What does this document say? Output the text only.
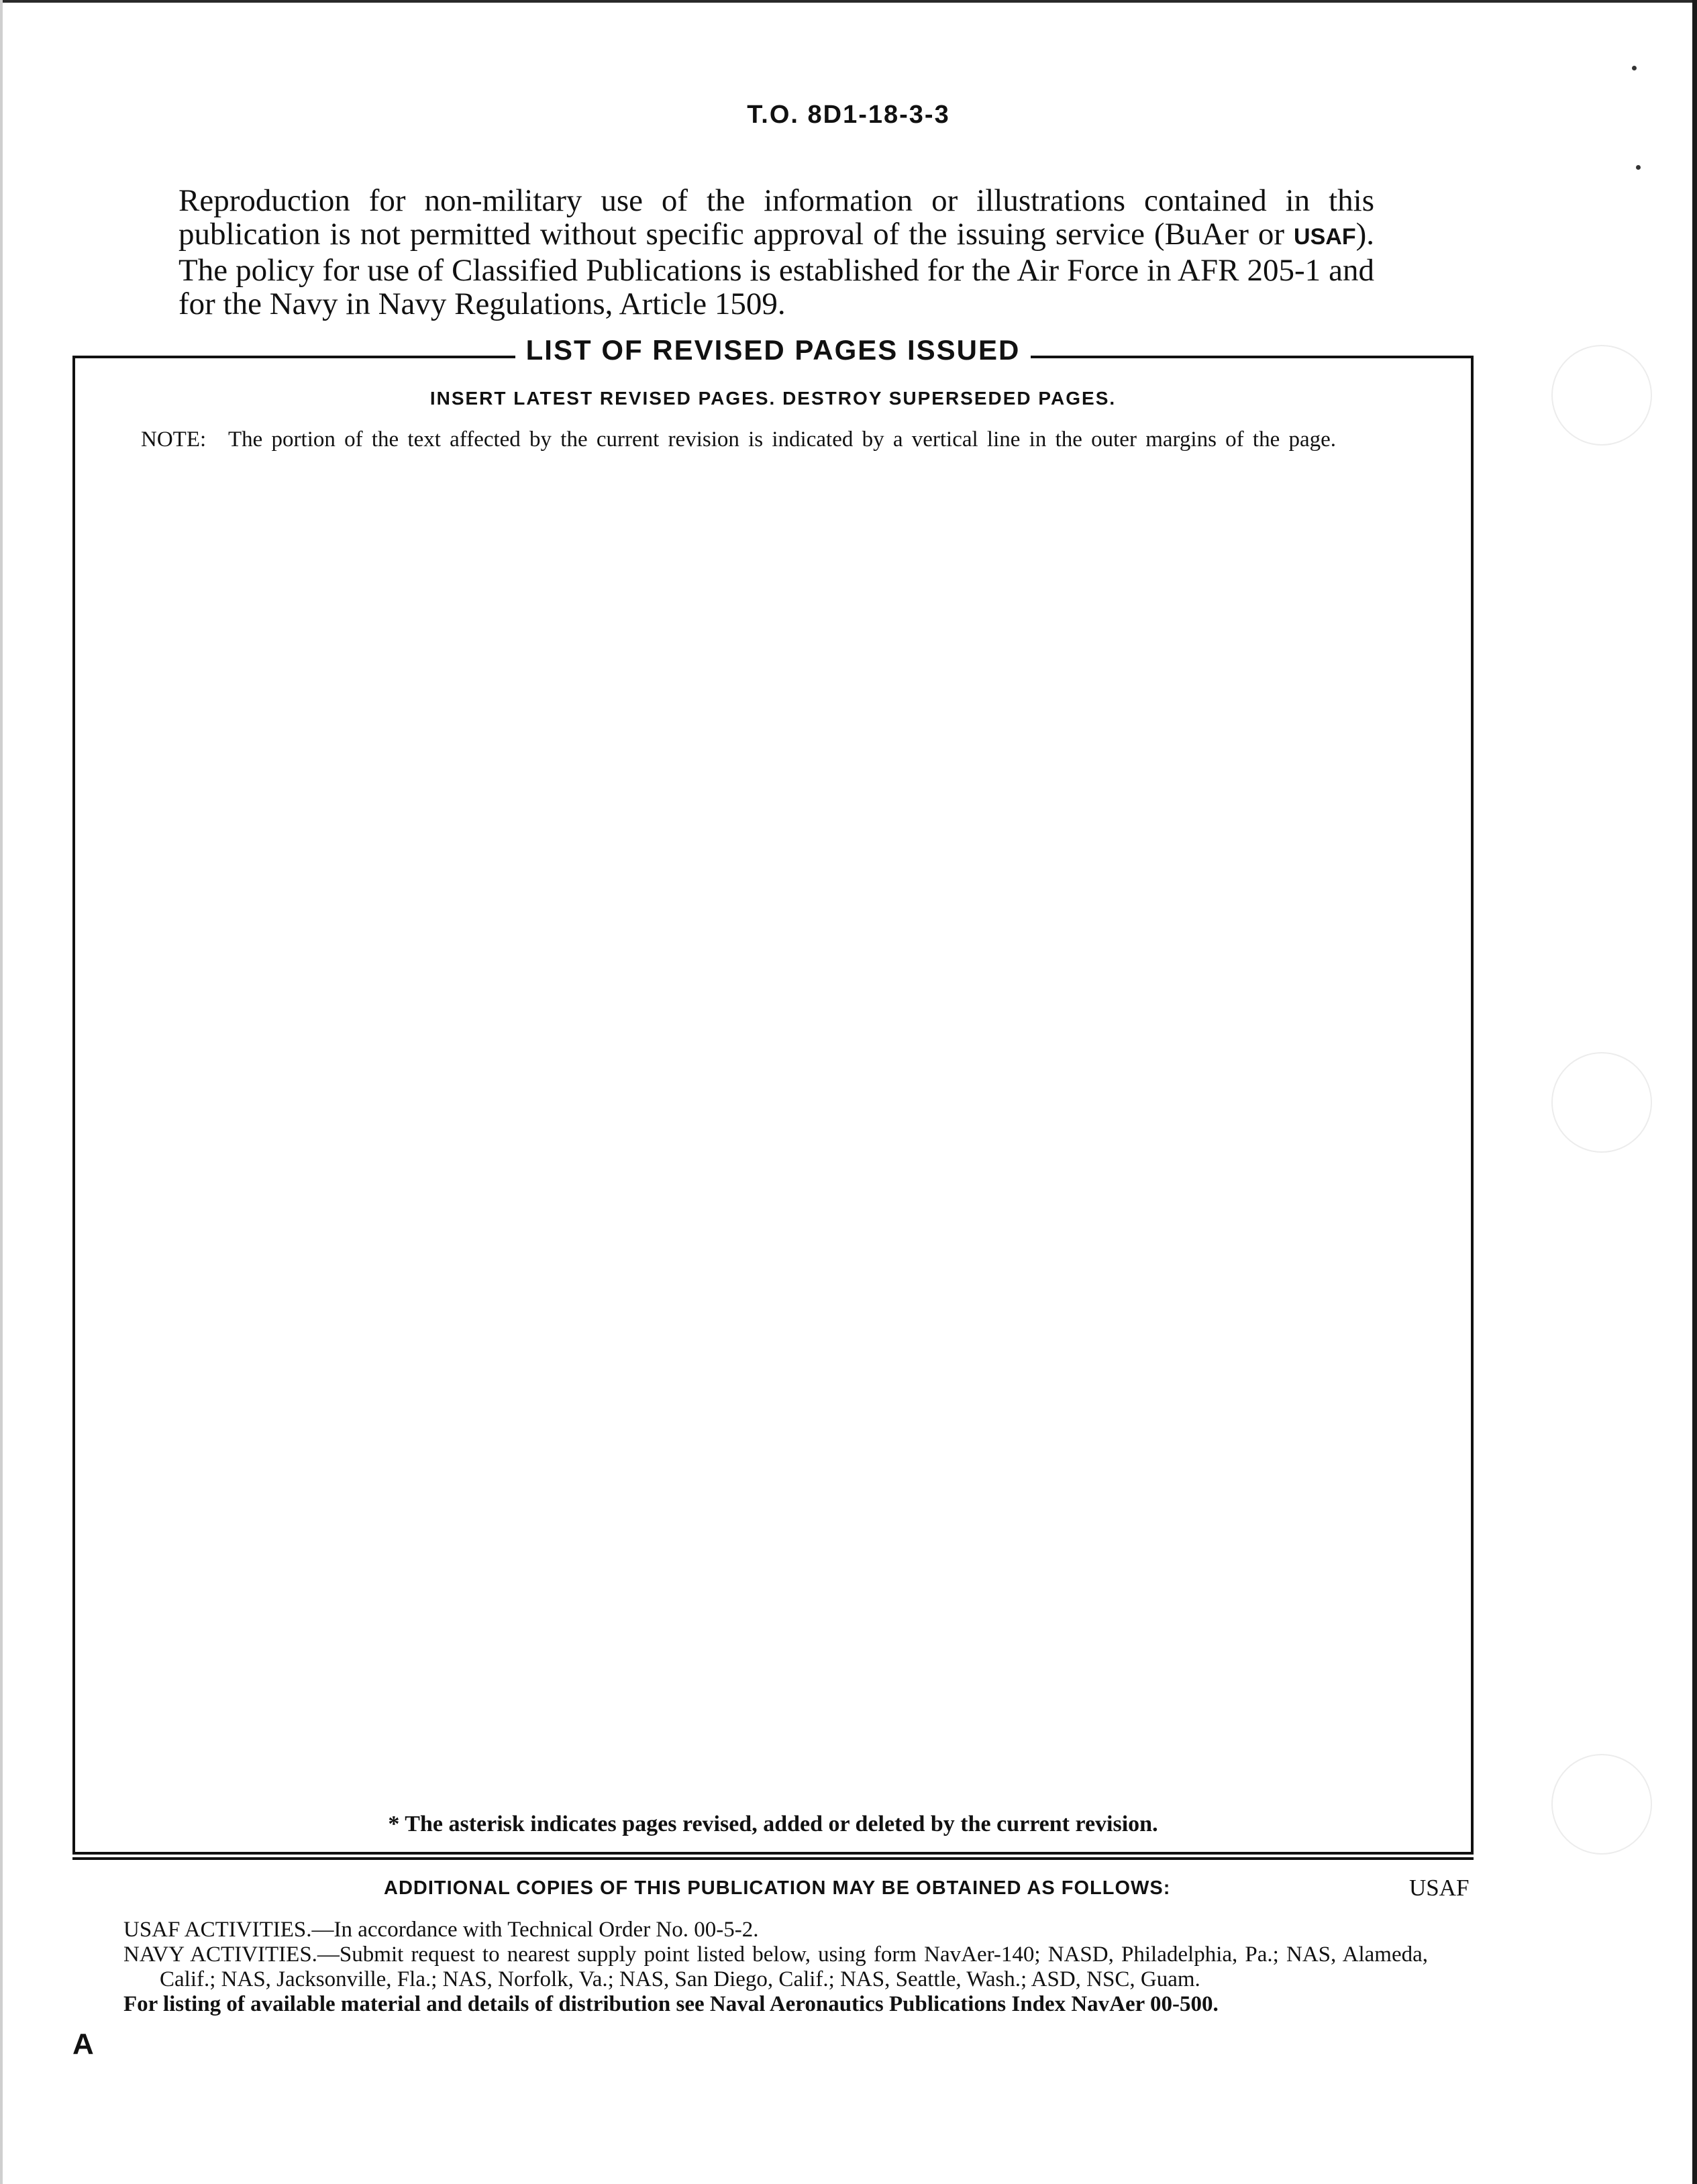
T.O. 8D1-18-3-3
Reproduction for non-military use of the information or illustrations contained in this publication is not permitted without specific approval of the issuing service (BuAer or USAF). The policy for use of Classified Publications is established for the Air Force in AFR 205-1 and for the Navy in Navy Regulations, Article 1509.
LIST OF REVISED PAGES ISSUED
INSERT LATEST REVISED PAGES. DESTROY SUPERSEDED PAGES.
NOTE: The portion of the text affected by the current revision is indicated by a vertical line in the outer margins of the page.
* The asterisk indicates pages revised, added or deleted by the current revision.
ADDITIONAL COPIES OF THIS PUBLICATION MAY BE OBTAINED AS FOLLOWS:	USAF

USAF ACTIVITIES.—In accordance with Technical Order No. 00-5-2.

NAVY ACTIVITIES.—Submit request to nearest supply point listed below, using form NavAer-140; NASD, Philadelphia, Pa.; NAS, Alameda, Calif.; NAS, Jacksonville, Fla.; NAS, Norfolk, Va.; NAS, San Diego, Calif.; NAS, Seattle, Wash.; ASD, NSC, Guam.

For listing of available material and details of distribution see Naval Aeronautics Publications Index NavAer 00-500.

A
